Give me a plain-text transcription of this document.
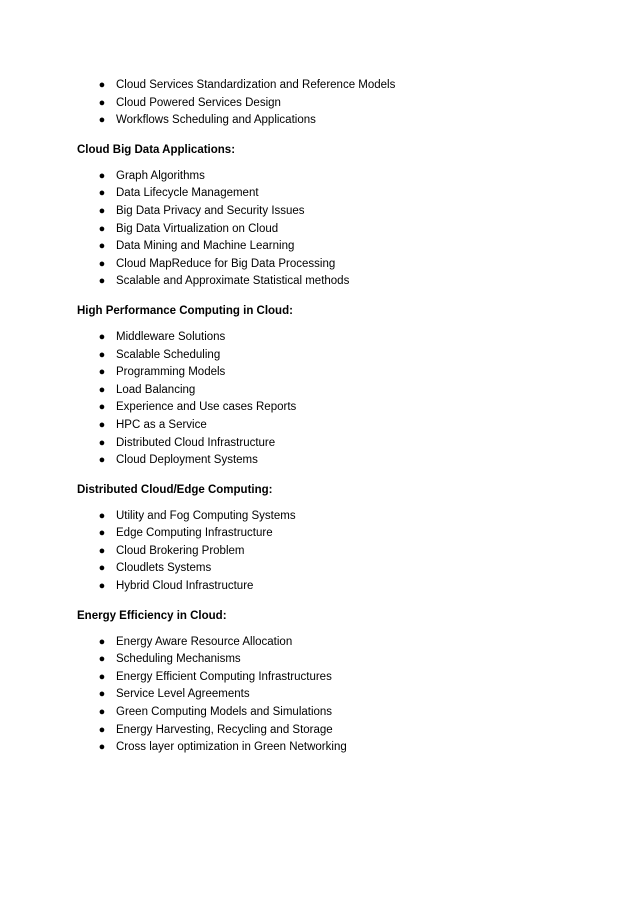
● Cloud Services Standardization and Reference Models
● Cloud Powered Services Design
● Workflows Scheduling and Applications
Cloud Big Data Applications:
● Graph Algorithms
● Data Lifecycle Management
● Big Data Privacy and Security Issues
● Big Data Virtualization on Cloud
● Data Mining and Machine Learning
● Cloud MapReduce for Big Data Processing
● Scalable and Approximate Statistical methods
High Performance Computing in Cloud:
● Middleware Solutions
● Scalable Scheduling
● Programming Models
● Load Balancing
● Experience and Use cases Reports
● HPC as a Service
● Distributed Cloud Infrastructure
● Cloud Deployment Systems
Distributed Cloud/Edge Computing:
● Utility and Fog Computing Systems
● Edge Computing Infrastructure
● Cloud Brokering Problem
● Cloudlets Systems
● Hybrid Cloud Infrastructure
Energy Efficiency in Cloud:
● Energy Aware Resource Allocation
● Scheduling Mechanisms
● Energy Efficient Computing Infrastructures
● Service Level Agreements
● Green Computing Models and Simulations
● Energy Harvesting, Recycling and Storage
● Cross layer optimization in Green Networking
